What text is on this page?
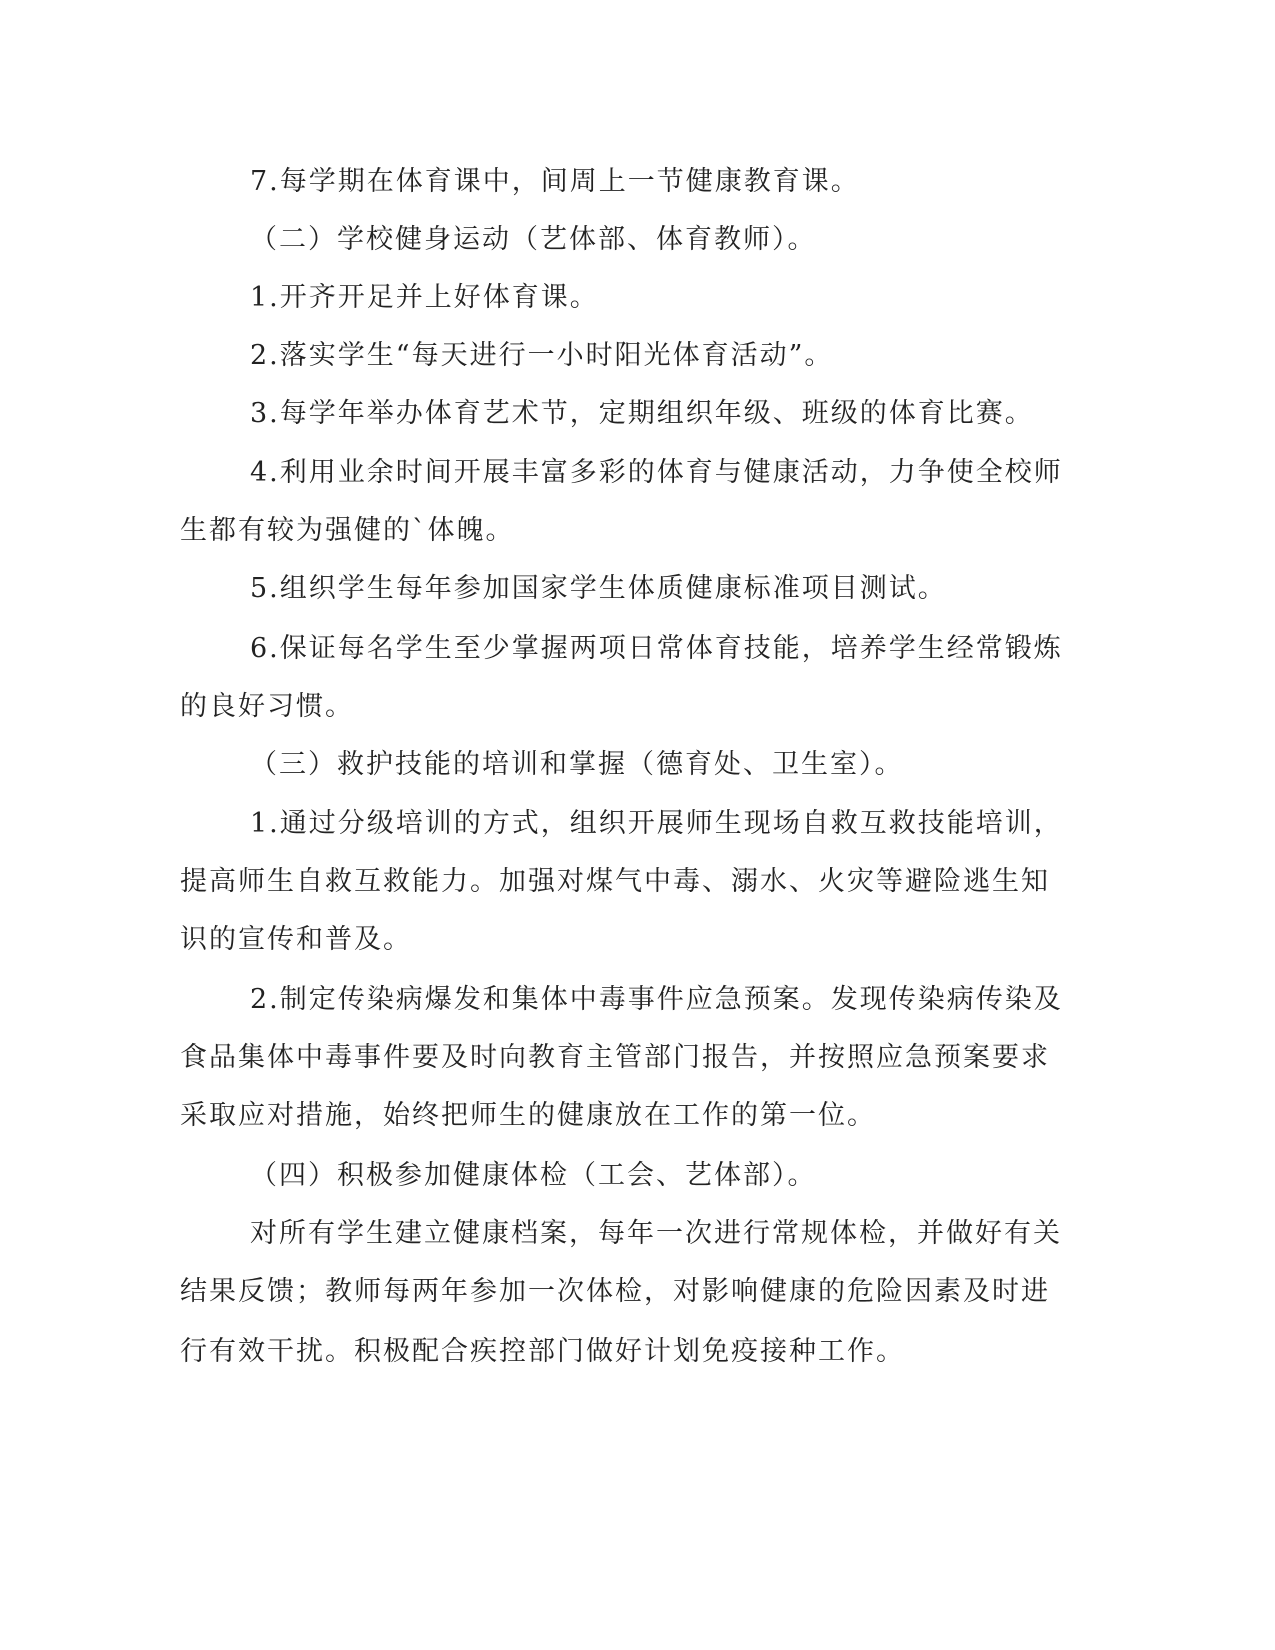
7.每学期在体育课中，间周上一节健康教育课。
（二）学校健身运动（艺体部、体育教师）。
1.开齐开足并上好体育课。
2.落实学生“每天进行一小时阳光体育活动”。
3.每学年举办体育艺术节，定期组织年级、班级的体育比赛。
4.利用业余时间开展丰富多彩的体育与健康活动，力争使全校师
生都有较为强健的`体魄。
5.组织学生每年参加国家学生体质健康标准项目测试。
6.保证每名学生至少掌握两项日常体育技能，培养学生经常锻炼
的良好习惯。
（三）救护技能的培训和掌握（德育处、卫生室）。
1.通过分级培训的方式，组织开展师生现场自救互救技能培训，
提高师生自救互救能力。加强对煤气中毒、溺水、火灾等避险逃生知
识的宣传和普及。
2.制定传染病爆发和集体中毒事件应急预案。发现传染病传染及
食品集体中毒事件要及时向教育主管部门报告，并按照应急预案要求
采取应对措施，始终把师生的健康放在工作的第一位。
（四）积极参加健康体检（工会、艺体部）。
对所有学生建立健康档案，每年一次进行常规体检，并做好有关
结果反馈；教师每两年参加一次体检，对影响健康的危险因素及时进
行有效干扰。积极配合疾控部门做好计划免疫接种工作。
